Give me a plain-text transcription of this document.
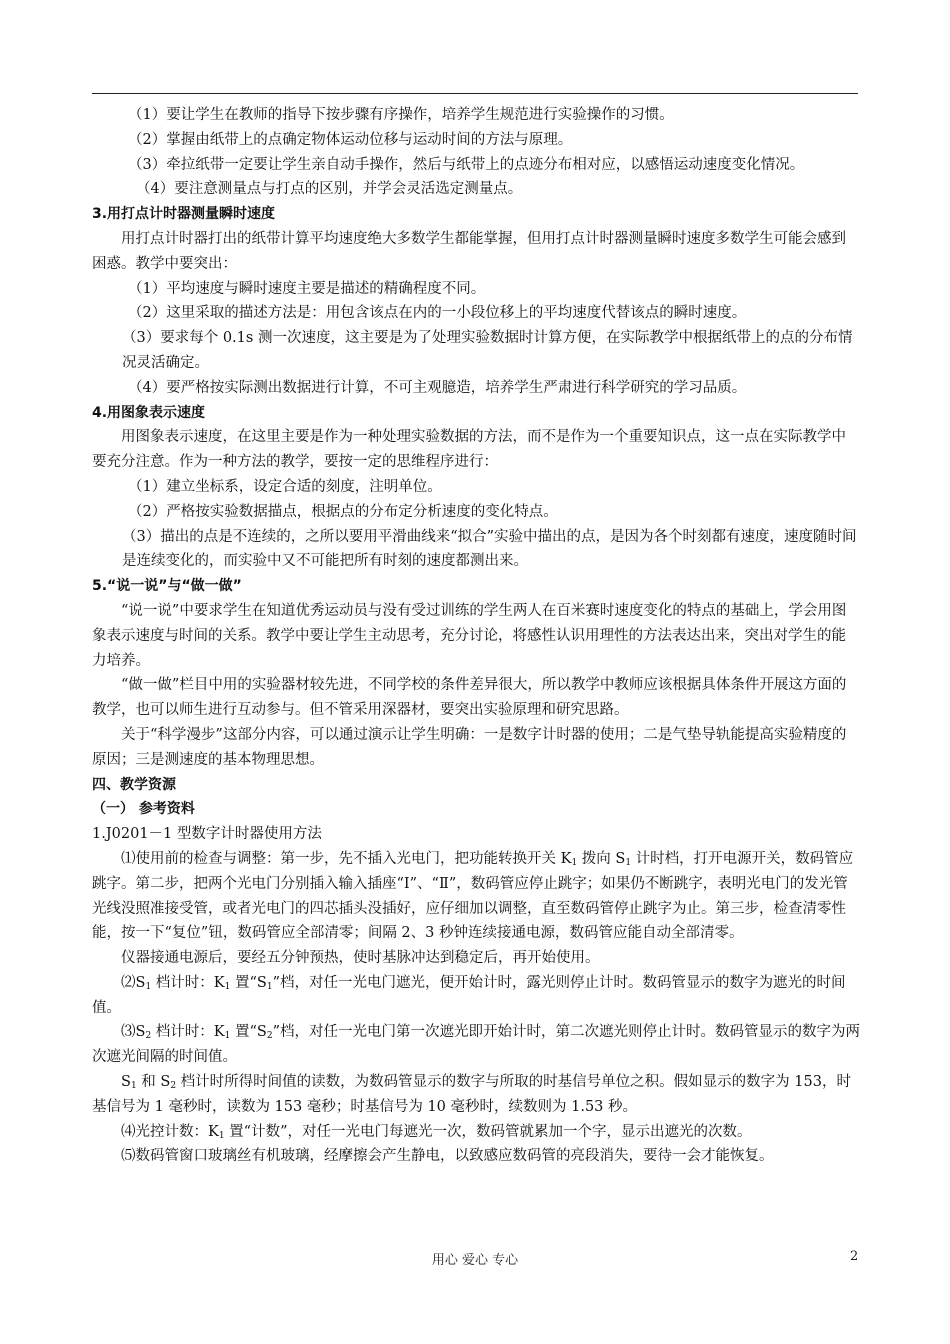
（1）要让学生在教师的指导下按步骤有序操作，培养学生规范进行实验操作的习惯。

（2）掌握由纸带上的点确定物体运动位移与运动时间的方法与原理。

（3）牵拉纸带一定要让学生亲自动手操作，然后与纸带上的点迹分布相对应，以感悟运动速度变化情况。

（4）要注意测量点与打点的区别，并学会灵活选定测量点。

3.用打点计时器测量瞬时速度

用打点计时器打出的纸带计算平均速度绝大多数学生都能掌握，但用打点计时器测量瞬时速度多数学生可能会感到困惑。教学中要突出：

（1）平均速度与瞬时速度主要是描述的精确程度不同。

（2）这里采取的描述方法是：用包含该点在内的一小段位移上的平均速度代替该点的瞬时速度。

（3）要求每个 0.1s 测一次速度，这主要是为了处理实验数据时计算方便，在实际教学中根据纸带上的点的分布情况灵活确定。

（4）要严格按实际测出数据进行计算，不可主观臆造，培养学生严肃进行科学研究的学习品质。

4.用图象表示速度

用图象表示速度，在这里主要是作为一种处理实验数据的方法，而不是作为一个重要知识点，这一点在实际教学中要充分注意。作为一种方法的教学，要按一定的思维程序进行：

（1）建立坐标系，设定合适的刻度，注明单位。

（2）严格按实验数据描点，根据点的分布定分析速度的变化特点。

（3）描出的点是不连续的，之所以要用平滑曲线来“拟合”实验中描出的点，是因为各个时刻都有速度，速度随时间是连续变化的，而实验中又不可能把所有时刻的速度都测出来。

5.“说一说”与“做一做”

“说一说”中要求学生在知道优秀运动员与没有受过训练的学生两人在百米赛时速度变化的特点的基础上，学会用图象表示速度与时间的关系。教学中要让学生主动思考，充分讨论，将感性认识用理性的方法表达出来，突出对学生的能力培养。

“做一做”栏目中用的实验器材较先进，不同学校的条件差异很大，所以教学中教师应该根据具体条件开展这方面的教学，也可以师生进行互动参与。但不管采用深器材，要突出实验原理和研究思路。

关于“科学漫步”这部分内容，可以通过演示让学生明确：一是数字计时器的使用；二是气垫导轨能提高实验精度的原因；三是测速度的基本物理思想。

四、教学资源

（一） 参考资料

1.J0201－1 型数字计时器使用方法

⑴使用前的检查与调整：第一步，先不插入光电门，把功能转换开关 $K_1$ 拨向 $S_1$ 计时档，打开电源开关，数码管应跳字。第二步，把两个光电门分别插入输入插座“Ⅰ”、“Ⅱ”，数码管应停止跳字；如果仍不断跳字，表明光电门的发光管光线没照准接受管，或者光电门的四芯插头没插好，应仔细加以调整，直至数码管停止跳字为止。第三步，检查清零性能，按一下“复位”钮，数码管应全部清零；间隔 2、3 秒钟连续接通电源，数码管应能自动全部清零。

仪器接通电源后，要经五分钟预热，使时基脉冲达到稳定后，再开始使用。

$⑵S_1$ 档计时：$K_1$ 置“$S_1$”档，对任一光电门遮光，便开始计时，露光则停止计时。数码管显示的数字为遮光的时间值。

$⑶S_2$ 档计时：$K_1$ 置“$S_2$”档，对任一光电门第一次遮光即开始计时，第二次遮光则停止计时。数码管显示的数字为两次遮光间隔的时间值。

$S_1$ 和 $S_2$ 档计时所得时间值的读数，为数码管显示的数字与所取的时基信号单位之积。假如显示的数字为 153，时基信号为 1 毫秒时，读数为 153 毫秒；时基信号为 10 毫秒时，续数则为 1.53 秒。

⑷光控计数：$K_1$ 置“计数”，对任一光电门每遮光一次，数码管就累加一个字，显示出遮光的次数。

⑸数码管窗口玻璃丝有机玻璃，经摩擦会产生静电，以致感应数码管的亮段消失，要待一会才能恢复。

用心 爱心 专心	2
